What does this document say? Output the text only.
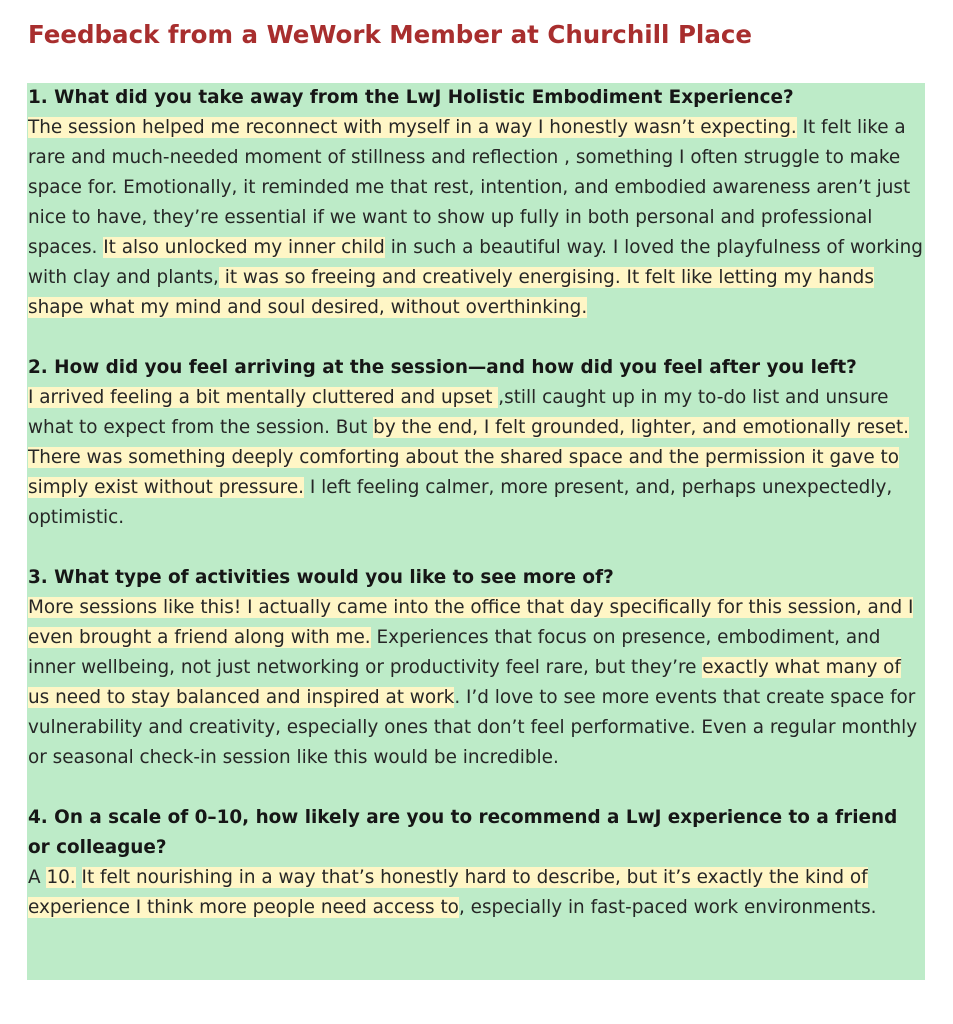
Feedback from a WeWork Member at Churchill Place

1. What did you take away from the LwJ Holistic Embodiment Experience?

The session helped me reconnect with myself in a way I honestly wasn’t expecting. It felt like a rare and much-needed moment of stillness and reflection , something I often struggle to make space for. Emotionally, it reminded me that rest, intention, and embodied awareness aren’t just nice to have, they’re essential if we want to show up fully in both personal and professional spaces. It also unlocked my inner child in such a beautiful way. I loved the playfulness of working with clay and plants, it was so freeing and creatively energising. It felt like letting my hands shape what my mind and soul desired, without overthinking.

2. How did you feel arriving at the session—and how did you feel after you left?

I arrived feeling a bit mentally cluttered and upset ,still caught up in my to-do list and unsure what to expect from the session. But by the end, I felt grounded, lighter, and emotionally reset. There was something deeply comforting about the shared space and the permission it gave to simply exist without pressure. I left feeling calmer, more present, and, perhaps unexpectedly, optimistic.

3. What type of activities would you like to see more of?

More sessions like this! I actually came into the office that day specifically for this session, and I even brought a friend along with me. Experiences that focus on presence, embodiment, and inner wellbeing, not just networking or productivity feel rare, but they’re exactly what many of us need to stay balanced and inspired at work. I’d love to see more events that create space for vulnerability and creativity, especially ones that don’t feel performative. Even a regular monthly or seasonal check-in session like this would be incredible.

4. On a scale of 0–10, how likely are you to recommend a LwJ experience to a friend or colleague?

A 10. It felt nourishing in a way that’s honestly hard to describe, but it’s exactly the kind of experience I think more people need access to, especially in fast-paced work environments.
